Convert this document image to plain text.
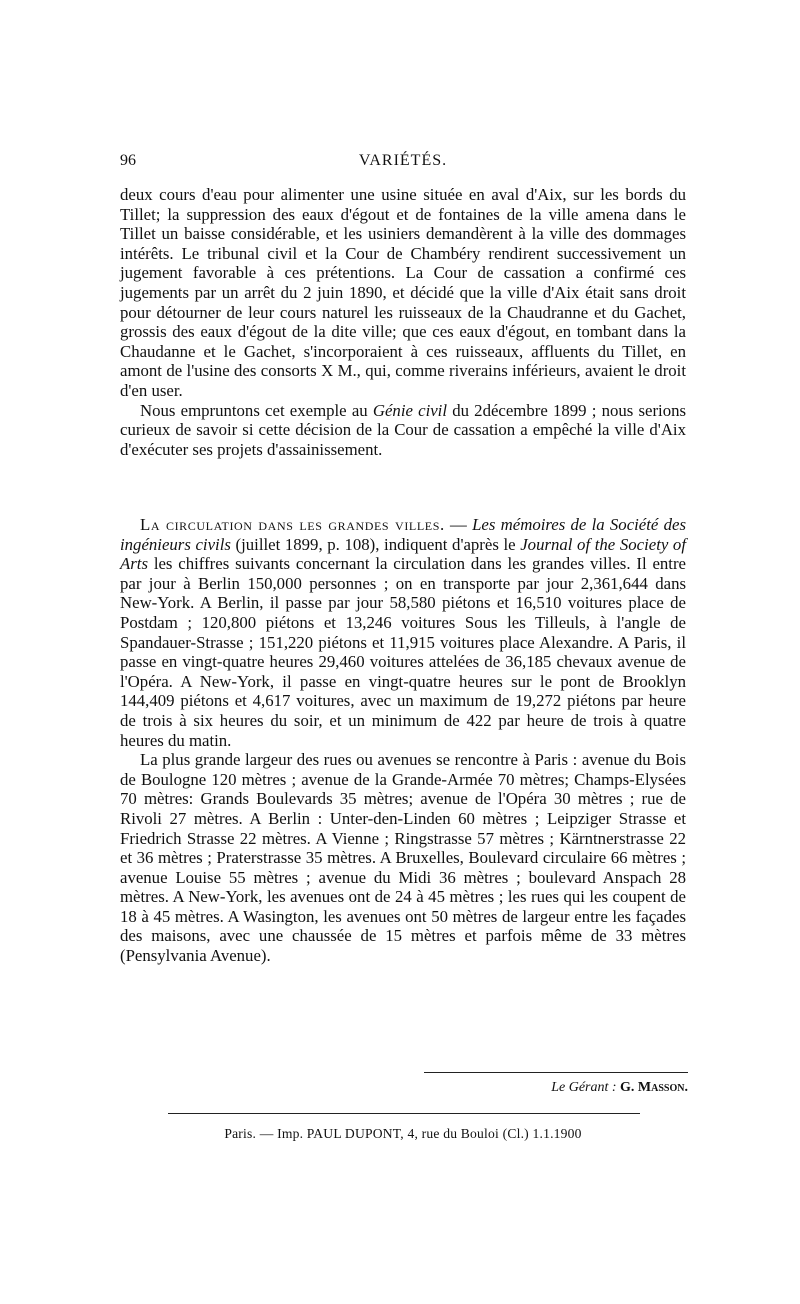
96	VARIÉTÉS.

deux cours d'eau pour alimenter une usine située en aval d'Aix, sur les bords du Tillet; la suppression des eaux d'égout et de fontaines de la ville amena dans le Tillet un baisse considérable, et les usiniers demandèrent à la ville des dommages intérêts. Le tribunal civil et la Cour de Chambéry rendirent successivement un jugement favorable à ces prétentions. La Cour de cassation a confirmé ces jugements par un arrêt du 2 juin 1890, et décidé que la ville d'Aix était sans droit pour détourner de leur cours naturel les ruisseaux de la Chaudranne et du Gachet, grossis des eaux d'égout de la dite ville; que ces eaux d'égout, en tombant dans la Chaudanne et le Gachet, s'incorporaient à ces ruisseaux, affluents du Tillet, en amont de l'usine des consorts X M., qui, comme riverains inférieurs, avaient le droit d'en user.

Nous empruntons cet exemple au Génie civil du 2décembre 1899 ; nous serions curieux de savoir si cette décision de la Cour de cassation a empêché la ville d'Aix d'exécuter ses projets d'assainissement.

La circulation dans les grandes villes. — Les mémoires de la Société des ingénieurs civils (juillet 1899, p. 108), indiquent d'après le Journal of the Society of Arts les chiffres suivants concernant la circulation dans les grandes villes. Il entre par jour à Berlin 150,000 personnes ; on en transporte par jour 2,361,644 dans New-York. A Berlin, il passe par jour 58,580 piétons et 16,510 voitures place de Postdam ; 120,800 piétons et 13,246 voitures Sous les Tilleuls, à l'angle de Spandauer-Strasse ; 151,220 piétons et 11,915 voitures place Alexandre. A Paris, il passe en vingt-quatre heures 29,460 voitures attelées de 36,185 chevaux avenue de l'Opéra. A New-York, il passe en vingt-quatre heures sur le pont de Brooklyn 144,409 piétons et 4,617 voitures, avec un maximum de 19,272 piétons par heure de trois à six heures du soir, et un minimum de 422 par heure de trois à quatre heures du matin.

La plus grande largeur des rues ou avenues se rencontre à Paris : avenue du Bois de Boulogne 120 mètres ; avenue de la Grande-Armée 70 mètres; Champs-Elysées 70 mètres: Grands Boulevards 35 mètres; avenue de l'Opéra 30 mètres ; rue de Rivoli 27 mètres. A Berlin : Unter-den-Linden 60 mètres ; Leipziger Strasse et Friedrich Strasse 22 mètres. A Vienne ; Ringstrasse 57 mètres ; Kärntnerstrasse 22 et 36 mètres ; Praterstrasse 35 mètres. A Bruxelles, Boulevard circulaire 66 mètres ; avenue Louise 55 mètres ; avenue du Midi 36 mètres ; boulevard Anspach 28 mètres. A New-York, les avenues ont de 24 à 45 mètres ; les rues qui les coupent de 18 à 45 mètres. A Wasington, les avenues ont 50 mètres de largeur entre les façades des maisons, avec une chaussée de 15 mètres et parfois même de 33 mètres (Pensylvania Avenue).

Le Gérant : G. Masson.
Paris. — Imp. PAUL DUPONT, 4, rue du Bouloi (Cl.) 1.1.1900
